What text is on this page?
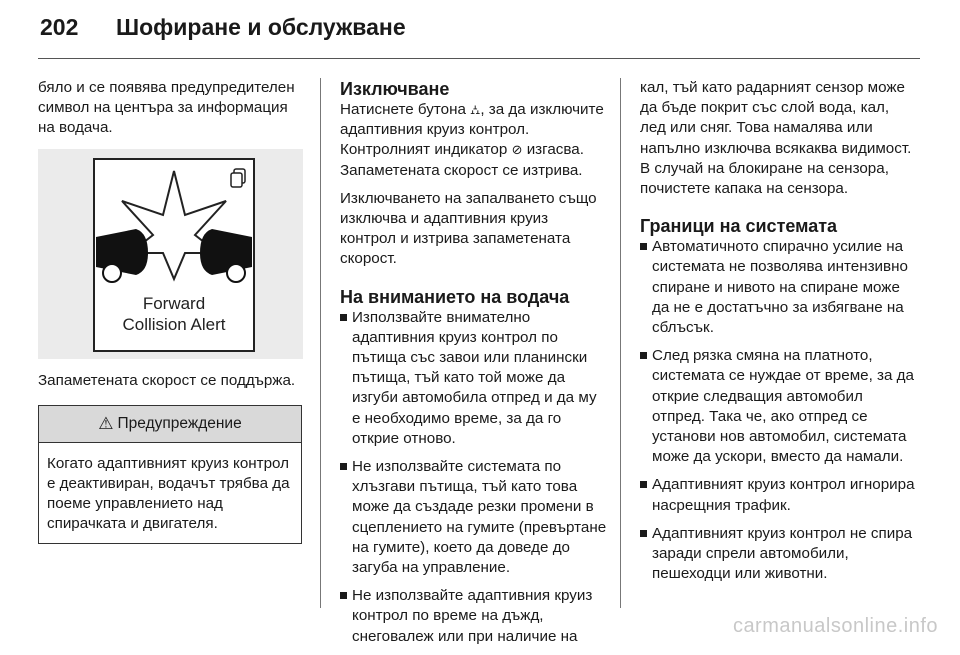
202	Шофиране и обслужване

бяло и се появява предупредителен символ на центъра за информация на водача.

Forward
Collision Alert

Запаметената скорост се поддържа.

⚠ Предупреждение
Когато адаптивният круиз контрол е деактивиран, водачът трябва да поеме управлението над спирачката и двигателя.
Изключване

Натиснете бутона ⛼, за да изключите адаптивния круиз контрол. Контролният индикатор ⊘ изгасва. Запаметената скорост се изтрива.

Изключването на запалването също изключва и адаптивния круиз контрол и изтрива запаметената скорост.

На вниманието на водача
Използвайте внимателно адаптивния круиз контрол по пътища със завои или планински пътища, тъй като той може да изгуби автомобила отпред и да му е необходимо време, за да го открие отново.
Не използвайте системата по хлъзгави пътища, тъй като това може да създаде резки промени в сцеплението на гумите (превъртане на гумите), което да доведе до загуба на управление.
Не използвайте адаптивния круиз контрол по време на дъжд, снеговалеж или при наличие на

кал, тъй като радарният сензор може да бъде покрит със слой вода, кал, лед или сняг. Това намалява или напълно изключва всякаква видимост. В случай на блокиране на сензора, почистете капака на сензора.

Граници на системата
Автоматичното спирачно усилие на системата не позволява интензивно спиране и нивото на спиране може да не е достатъчно за избягване на сблъсък.
След рязка смяна на платното, системата се нуждае от време, за да открие следващия автомобил отпред. Така че, ако отпред се установи нов автомобил, системата може да ускори, вместо да намали.
Адаптивният круиз контрол игнорира насрещния трафик.
Адаптивният круиз контрол не спира заради спрели автомобили, пешеходци или животни.
carmanualsonline.info
